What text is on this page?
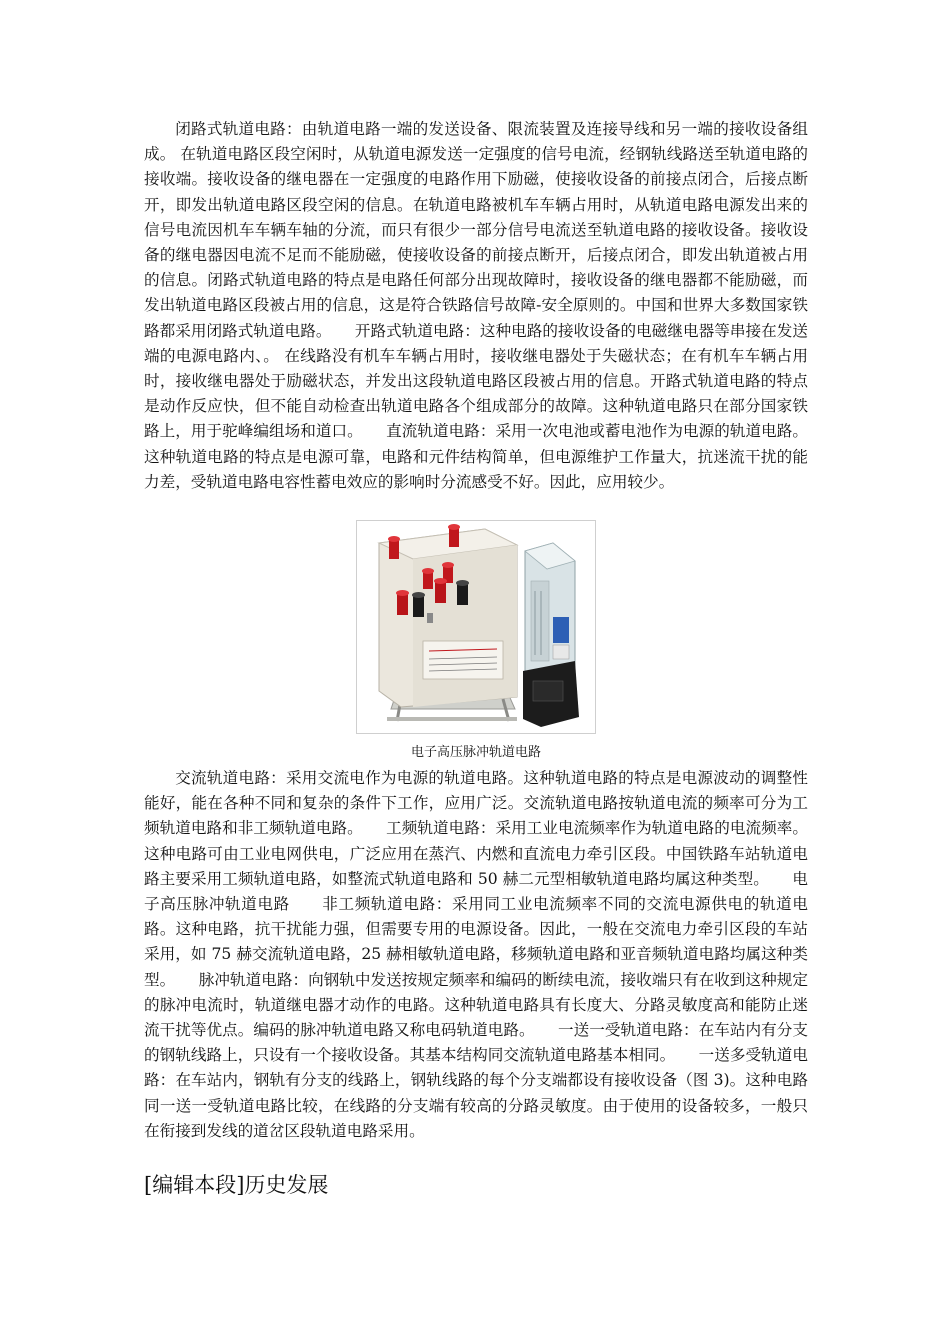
闭路式轨道电路：由轨道电路一端的发送设备、限流装置及连接导线和另一端的接收设备组成。 在轨道电路区段空闲时，从轨道电源发送一定强度的信号电流，经钢轨线路送至轨道电路的接收端。接收设备的继电器在一定强度的电路作用下励磁，使接收设备的前接点闭合，后接点断开，即发出轨道电路区段空闲的信息。在轨道电路被机车车辆占用时，从轨道电路电源发出来的信号电流因机车车辆车轴的分流，而只有很少一部分信号电流送至轨道电路的接收设备。接收设备的继电器因电流不足而不能励磁，使接收设备的前接点断开，后接点闭合，即发出轨道被占用的信息。闭路式轨道电路的特点是电路任何部分出现故障时，接收设备的继电器都不能励磁，而发出轨道电路区段被占用的信息，这是符合铁路信号故障-安全原则的。中国和世界大多数国家铁路都采用闭路式轨道电路。　　开路式轨道电路：这种电路的接收设备的电磁继电器等串接在发送端的电源电路内、。 在线路没有机车车辆占用时，接收继电器处于失磁状态；在有机车车辆占用时，接收继电器处于励磁状态，并发出这段轨道电路区段被占用的信息。开路式轨道电路的特点是动作反应快，但不能自动检查出轨道电路各个组成部分的故障。这种轨道电路只在部分国家铁路上，用于驼峰编组场和道口。　　直流轨道电路：采用一次电池或蓄电池作为电源的轨道电路。这种轨道电路的特点是电源可靠，电路和元件结构简单，但电源维护工作量大，抗迷流干扰的能力差，受轨道电路电容性蓄电效应的影响时分流感受不好。因此，应用较少。

电子高压脉冲轨道电路

交流轨道电路：采用交流电作为电源的轨道电路。这种轨道电路的特点是电源波动的调整性能好，能在各种不同和复杂的条件下工作，应用广泛。交流轨道电路按轨道电流的频率可分为工频轨道电路和非工频轨道电路。　　工频轨道电路：采用工业电流频率作为轨道电路的电流频率。这种电路可由工业电网供电，广泛应用在蒸汽、内燃和直流电力牵引区段。中国铁路车站轨道电路主要采用工频轨道电路，如整流式轨道电路和 50 赫二元型相敏轨道电路均属这种类型。　　电子高压脉冲轨道电路　　非工频轨道电路：采用同工业电流频率不同的交流电源供电的轨道电路。这种电路，抗干扰能力强，但需要专用的电源设备。因此，一般在交流电力牵引区段的车站采用，如 75 赫交流轨道电路，25 赫相敏轨道电路，移频轨道电路和亚音频轨道电路均属这种类型。　　脉冲轨道电路：向钢轨中发送按规定频率和编码的断续电流，接收端只有在收到这种规定的脉冲电流时，轨道继电器才动作的电路。这种轨道电路具有长度大、分路灵敏度高和能防止迷流干扰等优点。编码的脉冲轨道电路又称电码轨道电路。　　一送一受轨道电路：在车站内有分支的钢轨线路上，只设有一个接收设备。其基本结构同交流轨道电路基本相同。　　一送多受轨道电路：在车站内，钢轨有分支的线路上，钢轨线路的每个分支端都设有接收设备（图 3)。这种电路同一送一受轨道电路比较，在线路的分支端有较高的分路灵敏度。由于使用的设备较多，一般只在衔接到发线的道岔区段轨道电路采用。

[编辑本段]历史发展
